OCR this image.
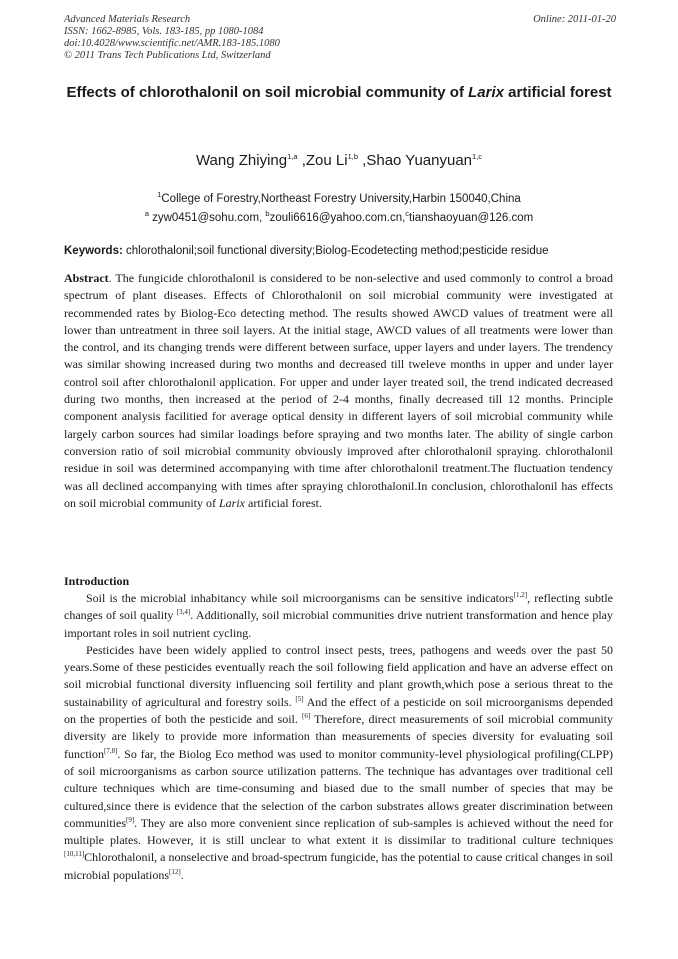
Advanced Materials Research
ISSN: 1662-8985, Vols. 183-185, pp 1080-1084
doi:10.4028/www.scientific.net/AMR.183-185.1080
© 2011 Trans Tech Publications Ltd, Switzerland
Online: 2011-01-20
Effects of chlorothalonil on soil microbial community of Larix artificial forest
Wang Zhiying$^{1,a}$ ,Zou Li$^{1,b}$ ,Shao Yuanyuan$^{1,c}$
$^1$College of Forestry,Northeast Forestry University,Harbin 150040,China
$^a$ zyw0451@sohu.com, $^b$zouli6616@yahoo.com.cn,$^c$tianshaoyuan@126.com
Keywords: chlorothalonil;soil functional diversity;Biolog-Ecodetecting method;pesticide residue
Abstract. The fungicide chlorothalonil is considered to be non-selective and used commonly to control a broad spectrum of plant diseases. Effects of Chlorothalonil on soil microbial community were investigated at recommended rates by Biolog-Eco detecting method. The results showed AWCD values of treatment were all lower than untreatment in three soil layers. At the initial stage, AWCD values of all treatments were lower than the control, and its changing trends were different between surface, upper layers and under layers. The trendency was similar showing increased during two months and decreased till tweleve months in upper and under layer control soil after chlorothalonil application. For upper and under layer treated soil, the trend indicated decreased during two months, then increased at the period of 2-4 months, finally decreased till 12 months. Principle component analysis facilitied for average optical density in different layers of soil microbial community while largely carbon sources had similar loadings before spraying and two months later. The ability of single carbon conversion ratio of soil microbial community obviously improved after chlorothalonil spraying. chlorothalonil residue in soil was determined accompanying with time after chlorothalonil treatment.The fluctuation tendency was all declined accompanying with times after spraying chlorothalonil.In conclusion, chlorothalonil has effects on soil microbial community of Larix artificial forest.
Introduction

Soil is the microbial inhabitancy while soil microorganisms can be sensitive indicators[1,2], reflecting subtle changes of soil quality [3,4]. Additionally, soil microbial communities drive nutrient transformation and hence play important roles in soil nutrient cycling.

Pesticides have been widely applied to control insect pests, trees, pathogens and weeds over the past 50 years.Some of these pesticides eventually reach the soil following field application and have an adverse effect on soil microbial functional diversity influencing soil fertility and plant growth,which pose a serious threat to the sustainability of agricultural and forestry soils. [5] And the effect of a pesticide on soil microorganisms depended on the properties of both the pesticide and soil. [6] Therefore, direct measurements of soil microbial community diversity are likely to provide more information than measurements of species diversity for evaluating soil function[7,8]. So far, the Biolog Eco method was used to monitor community-level physiological profiling(CLPP) of soil microorganisms as carbon source utilization patterns. The technique has advantages over traditional cell culture techniques which are time-consuming and biased due to the small number of species that may be cultured,since there is evidence that the selection of the carbon substrates allows greater discrimination between communities[9]. They are also more convenient since replication of sub-samples is achieved without the need for multiple plates. However, it is still unclear to what extent it is dissimilar to traditional culture techniques [10,11]Chlorothalonil, a nonselective and broad-spectrum fungicide, has the potential to cause critical changes in soil microbial populations[12].
